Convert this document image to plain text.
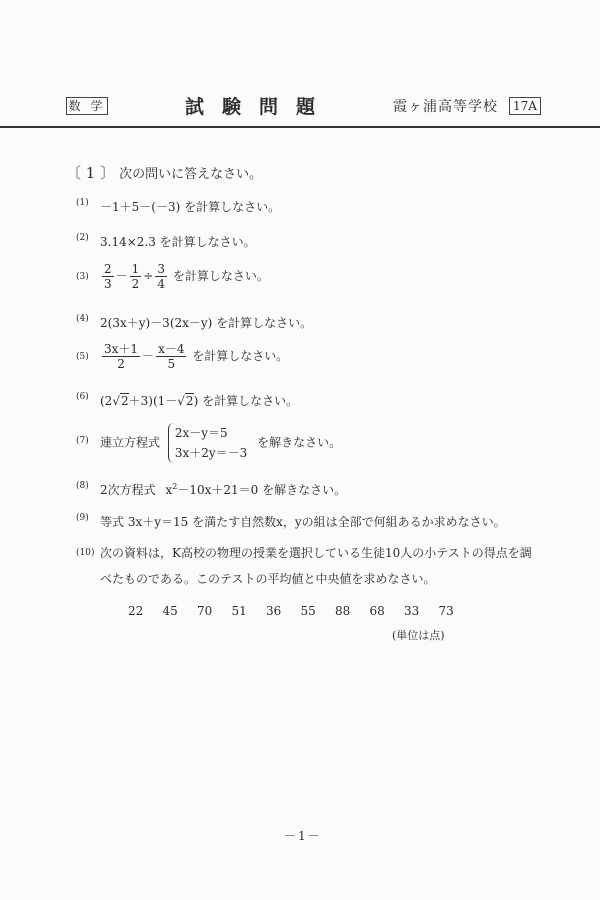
数 学	試験問題	霞ヶ浦高等学校	17A
〔 1 〕 次の問いに答えなさい。
(1) －1＋5－(－3) を計算しなさい。
(2) 3.14×2.3 を計算しなさい。
$(3) \frac{2}{3} - \frac{1}{2} \div \frac{3}{4}$ を計算しなさい。
(4) 2(3x＋y)－3(2x－y) を計算しなさい。
$(5) \frac{3x+1}{2} - \frac{x-4}{5}$ を計算しなさい。
(6) (2√2＋3)(1－√2) を計算しなさい。
(7) 連立方程式
2x－y＝5
3x＋2y＝－3
を解きなさい。
(8) 2次方程式 $x^2-10x+21=0$ を解きなさい。
(9) 等式 3x＋y＝15 を満たす自然数x，yの組は全部で何組あるか求めなさい。
(10) 次の資料は，K高校の物理の授業を選択している生徒10人の小テストの得点を調べたものである。このテストの平均値と中央値を求めなさい。
22 45 70 51 36 55 88 68 33 73
(単位は点)
－1－
